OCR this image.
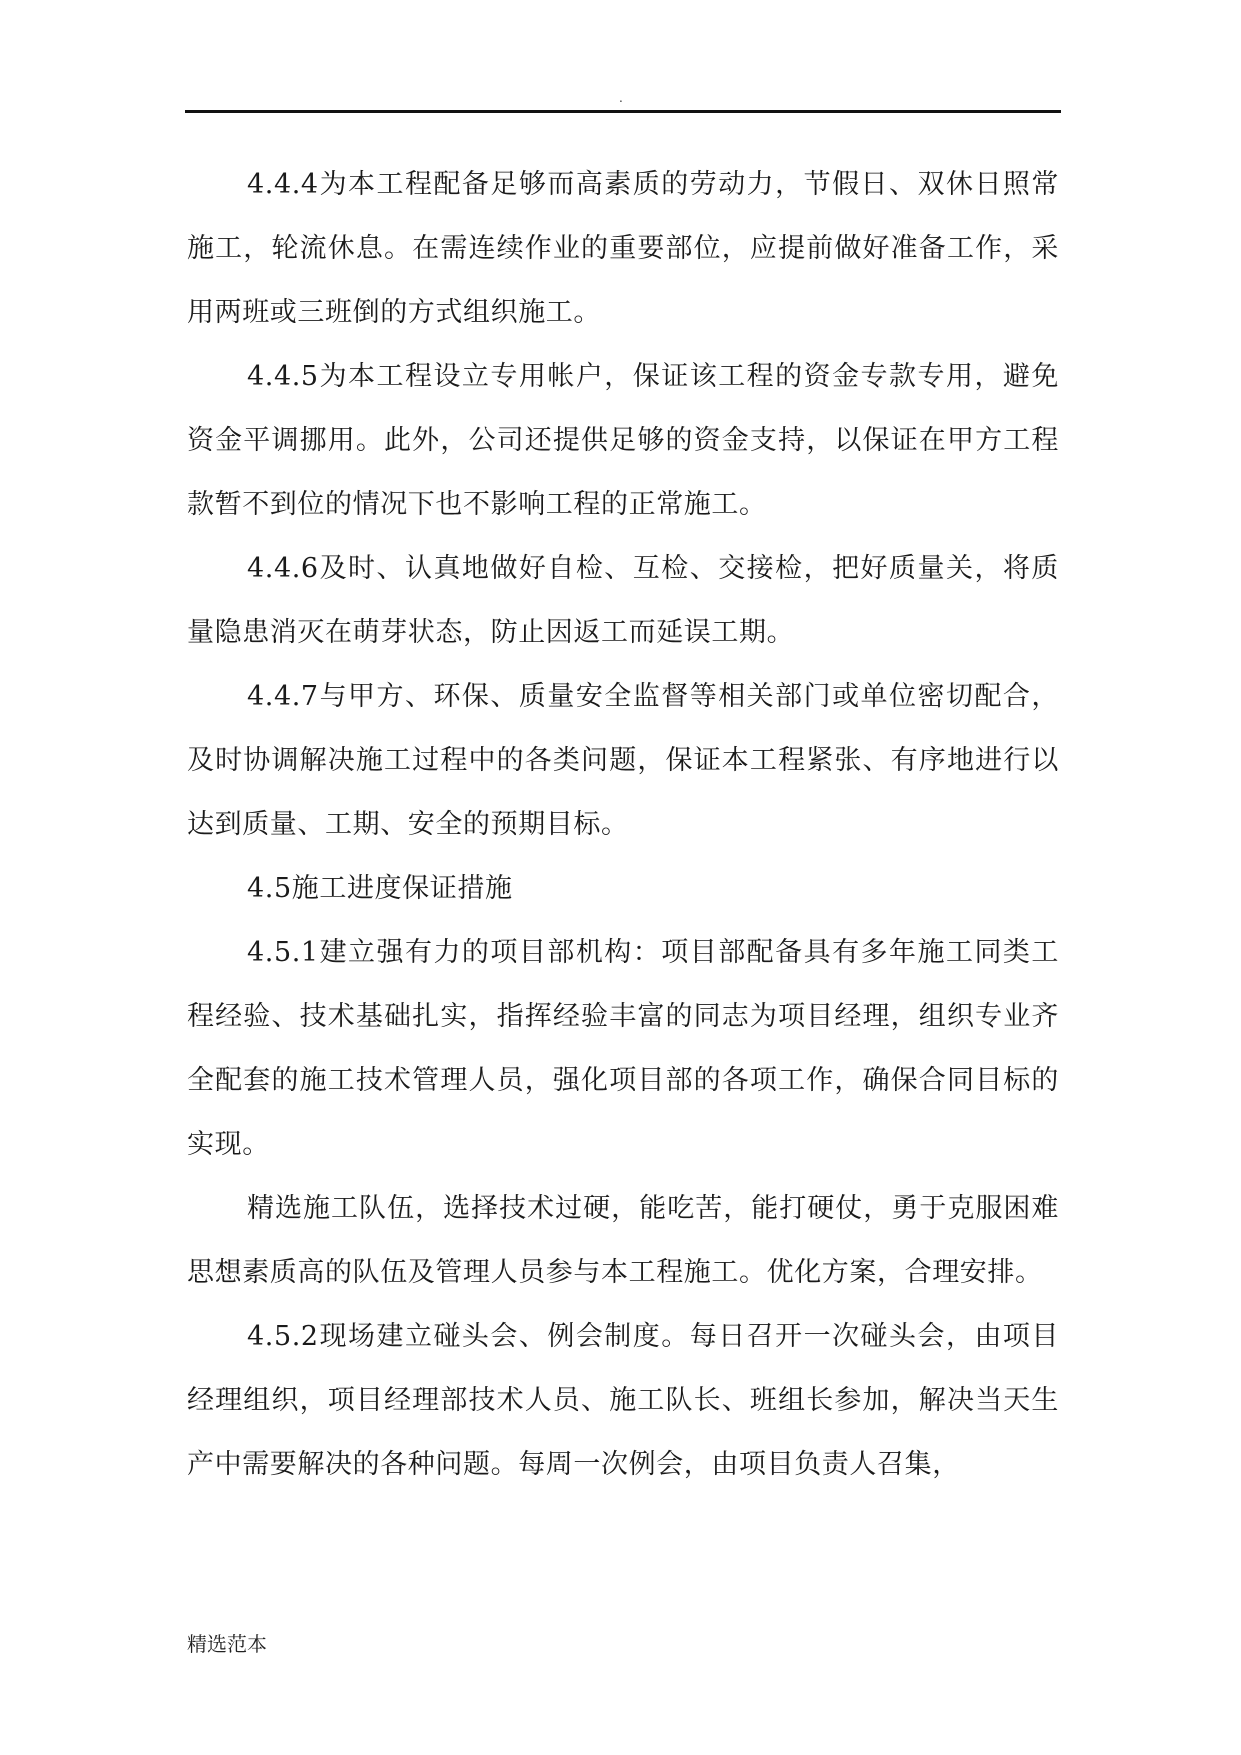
.

4.4.4为本工程配备足够而高素质的劳动力，节假日、双休日照常施工，轮流休息。在需连续作业的重要部位，应提前做好准备工作，采用两班或三班倒的方式组织施工。

4.4.5为本工程设立专用帐户，保证该工程的资金专款专用，避免资金平调挪用。此外，公司还提供足够的资金支持，以保证在甲方工程款暂不到位的情况下也不影响工程的正常施工。

4.4.6及时、认真地做好自检、互检、交接检，把好质量关，将质量隐患消灭在萌芽状态，防止因返工而延误工期。

4.4.7与甲方、环保、质量安全监督等相关部门或单位密切配合，及时协调解决施工过程中的各类问题，保证本工程紧张、有序地进行以达到质量、工期、安全的预期目标。

4.5施工进度保证措施

4.5.1建立强有力的项目部机构：项目部配备具有多年施工同类工程经验、技术基础扎实，指挥经验丰富的同志为项目经理，组织专业齐全配套的施工技术管理人员，强化项目部的各项工作，确保合同目标的实现。

精选施工队伍，选择技术过硬，能吃苦，能打硬仗，勇于克服困难思想素质高的队伍及管理人员参与本工程施工。优化方案，合理安排。

4.5.2现场建立碰头会、例会制度。每日召开一次碰头会，由项目经理组织，项目经理部技术人员、施工队长、班组长参加，解决当天生产中需要解决的各种问题。每周一次例会，由项目负责人召集，

精选范本
